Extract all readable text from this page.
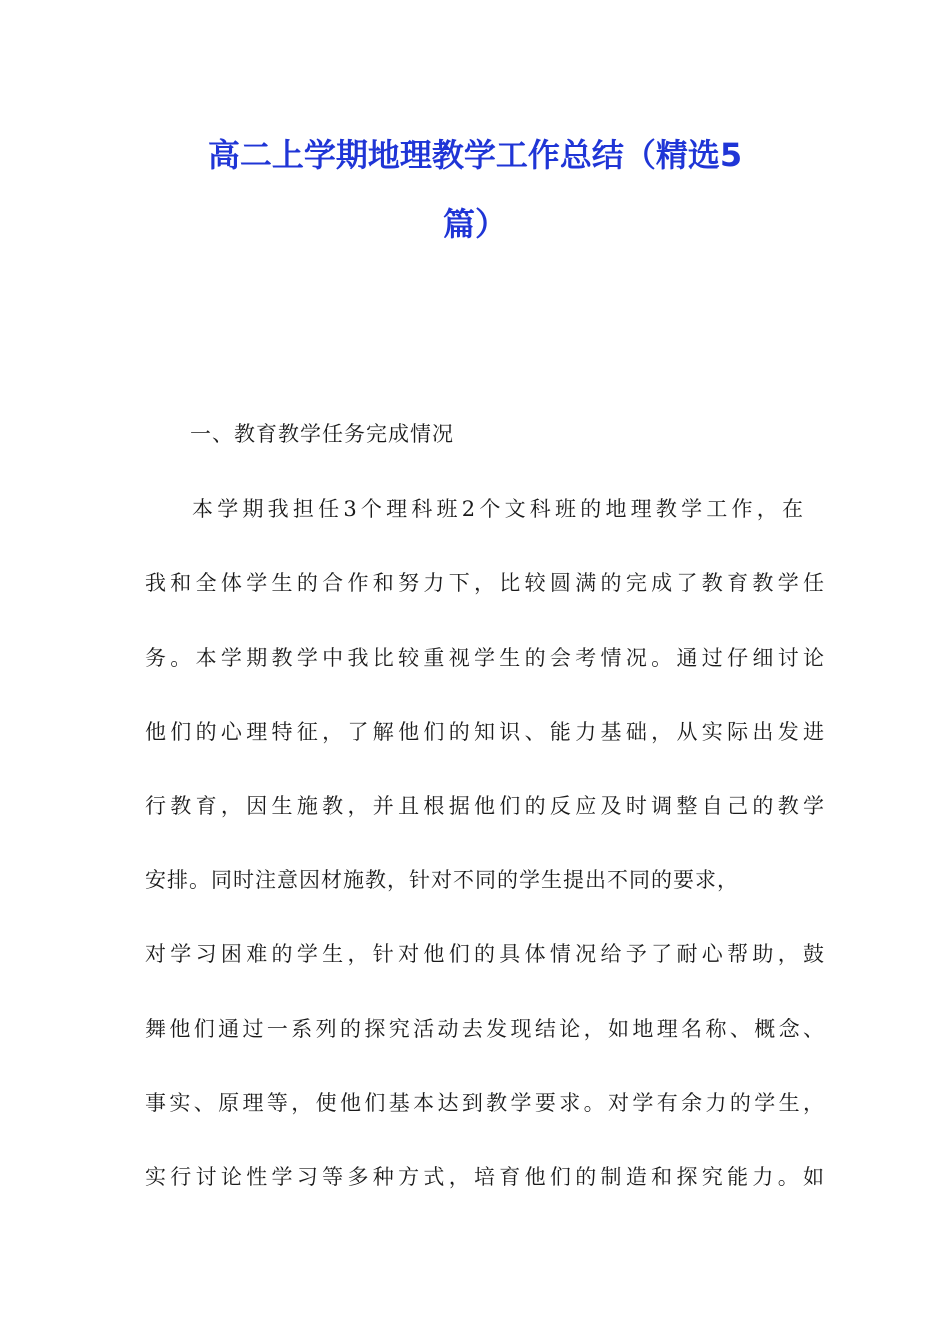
高二上学期地理教学工作总结（精选5
篇）
一、教育教学任务完成情况
本学期我担任3个理科班2个文科班的地理教学工作，在
我和全体学生的合作和努力下，比较圆满的完成了教育教学任
务。本学期教学中我比较重视学生的会考情况。通过仔细讨论
他们的心理特征，了解他们的知识、能力基础，从实际出发进
行教育，因生施教，并且根据他们的反应及时调整自己的教学
安排。同时注意因材施教，针对不同的学生提出不同的要求，
对学习困难的学生，针对他们的具体情况给予了耐心帮助，鼓
舞他们通过一系列的探究活动去发现结论，如地理名称、概念、
事实、原理等，使他们基本达到教学要求。对学有余力的学生，
实行讨论性学习等多种方式，培育他们的制造和探究能力。如
